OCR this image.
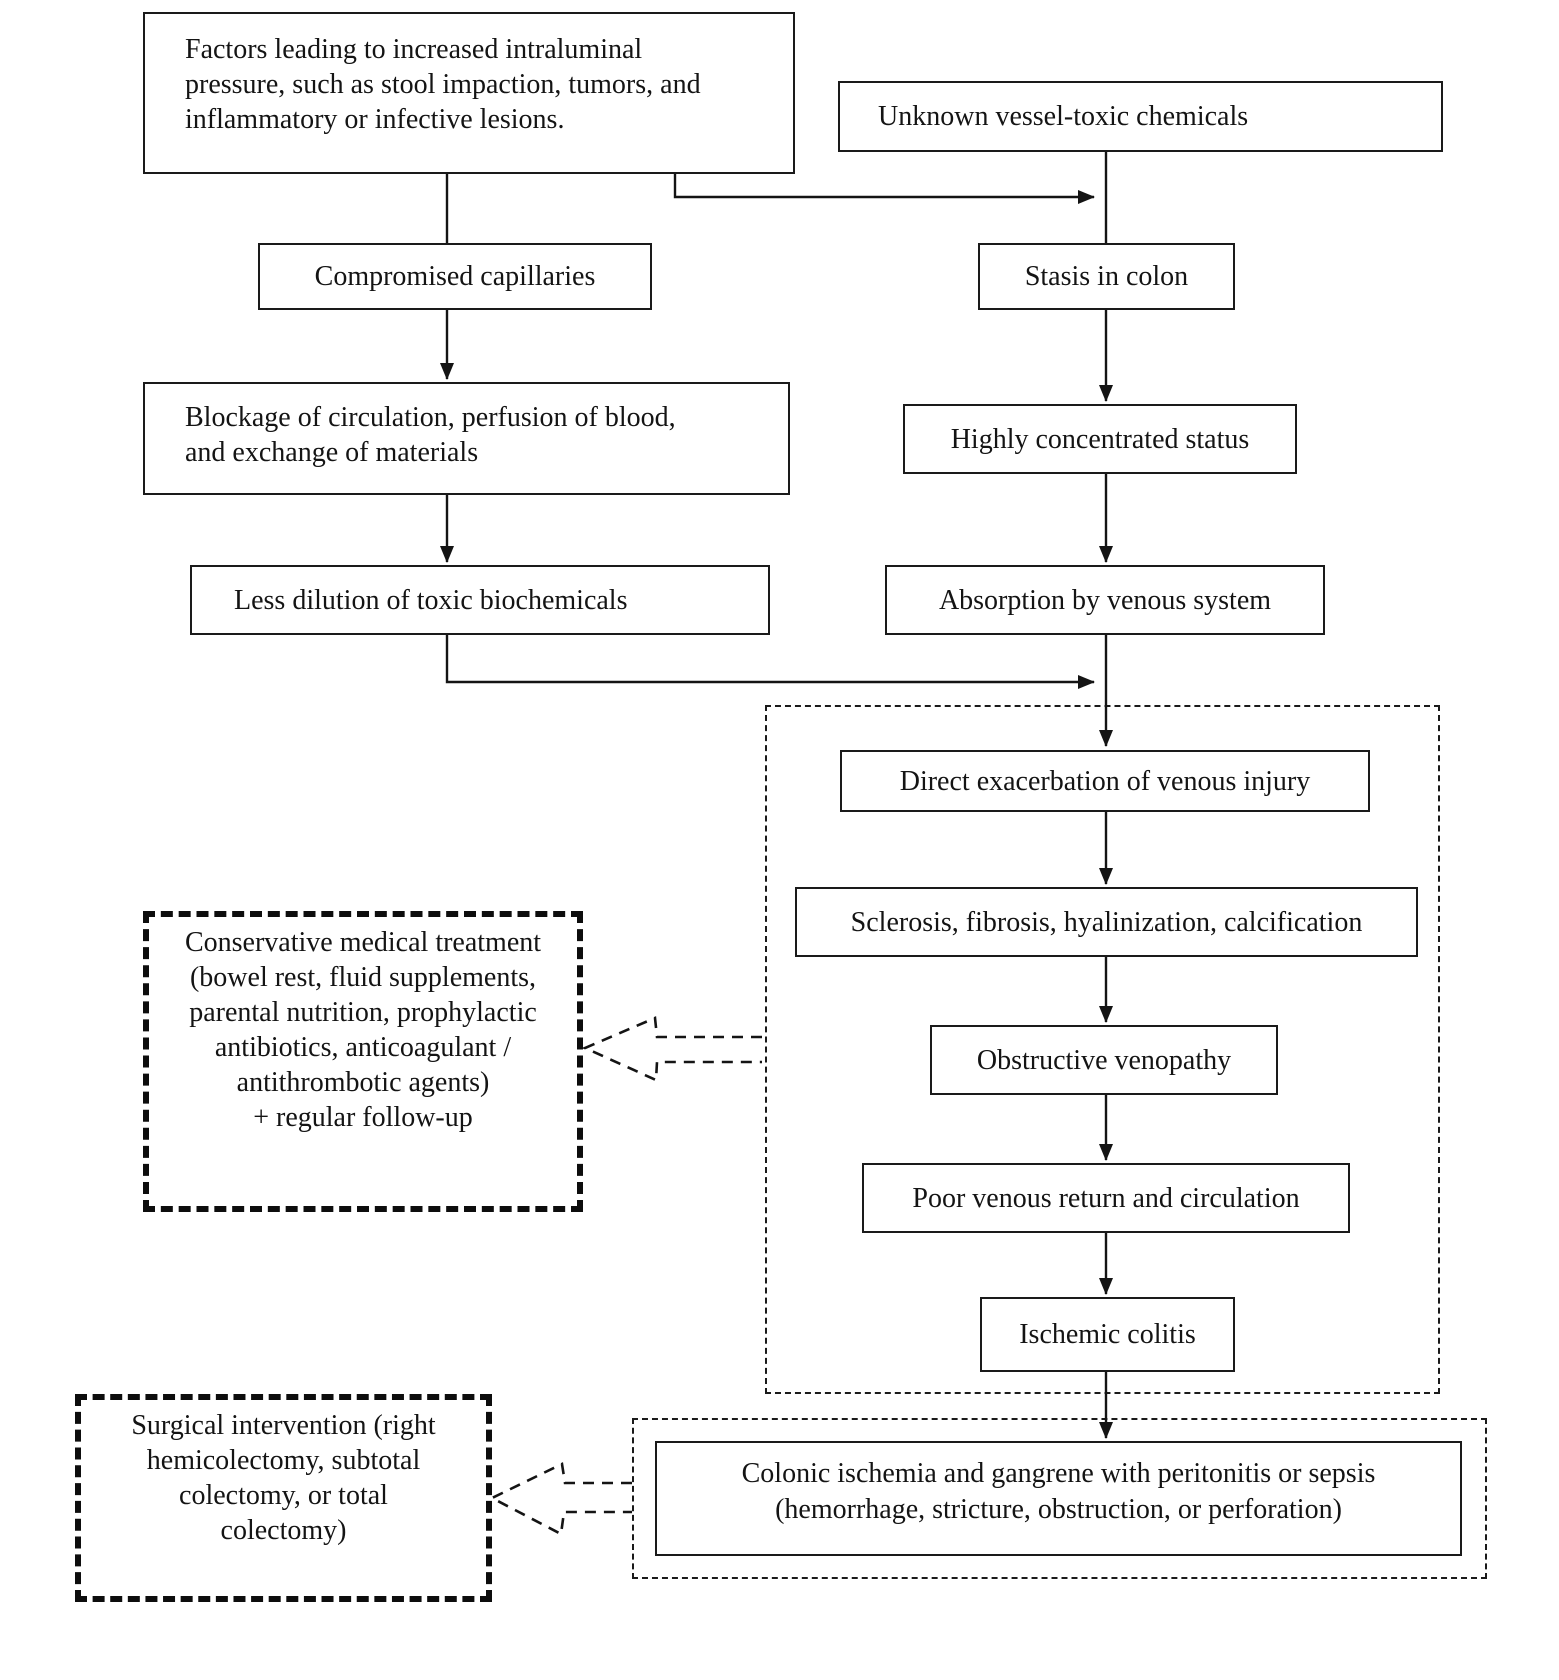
Factors leading to increased intraluminal
pressure, such as stool impaction, tumors, and
inflammatory or infective lesions.	Unknown vessel-toxic chemicals
Compromised capillaries	Stasis in colon
Blockage of circulation, perfusion of blood,
and exchange of materials	Highly concentrated status
Less dilution of toxic biochemicals	Absorption by venous system
Direct exacerbation of venous injury
Sclerosis, fibrosis, hyalinization, calcification
Obstructive venopathy
Poor venous return and circulation
Ischemic colitis
Colonic ischemia and gangrene with peritonitis or sepsis
(hemorrhage, stricture, obstruction, or perforation)
Conservative medical treatment
(bowel rest, fluid supplements,
parental nutrition, prophylactic
antibiotics, anticoagulant /
antithrombotic agents)
+ regular follow-up
Surgical intervention (right
hemicolectomy, subtotal
colectomy, or total
colectomy)
